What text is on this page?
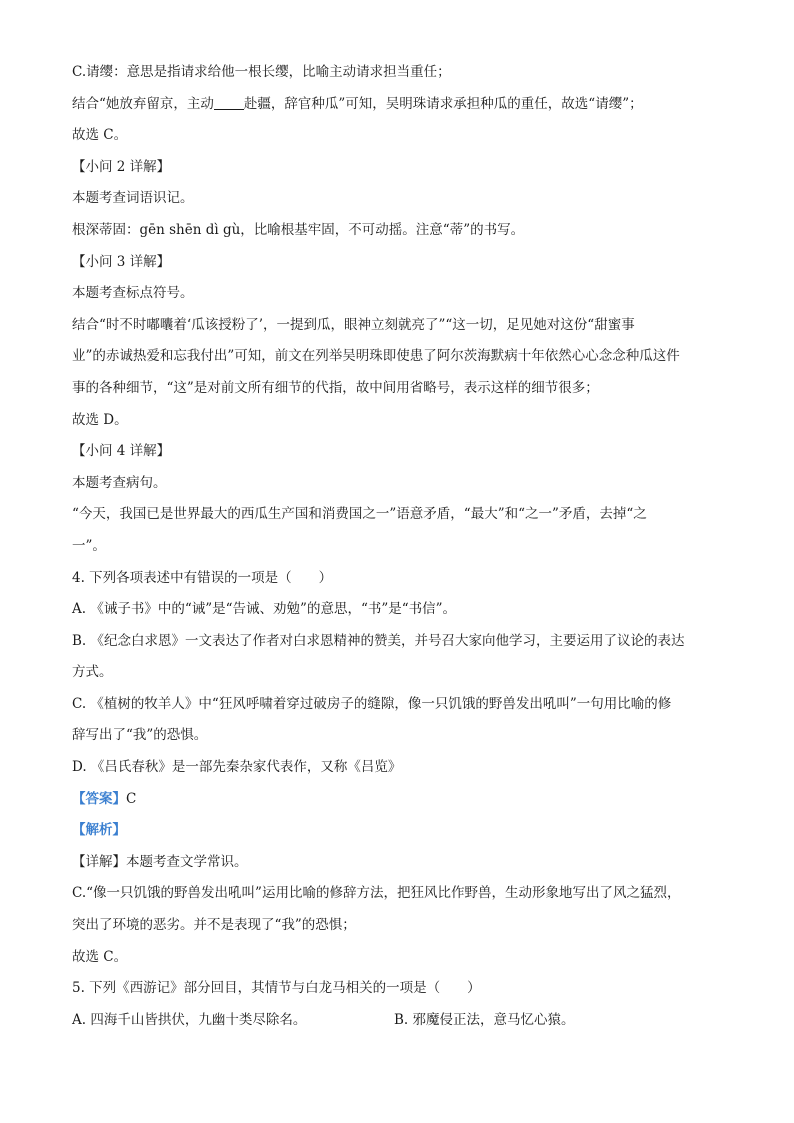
C.请缨：意思是指请求给他一根长缨，比喻主动请求担当重任；
结合“她放弃留京，主动 赴疆，辞官种瓜”可知，吴明珠请求承担种瓜的重任，故选“请缨”；
故选 C。
【小问 2 详解】
本题考查词语识记。
根深蒂固：gēn shēn dì gù，比喻根基牢固，不可动摇。注意“蒂”的书写。
【小问 3 详解】
本题考查标点符号。
结合“时不时嘟囔着‘瓜该授粉了’，一提到瓜，眼神立刻就亮了”“这一切，足见她对这份“甜蜜事
业”的赤诚热爱和忘我付出”可知，前文在列举吴明珠即使患了阿尔茨海默病十年依然心心念念种瓜这件
事的各种细节，“这”是对前文所有细节的代指，故中间用省略号，表示这样的细节很多；
故选 D。
【小问 4 详解】
本题考查病句。
“今天，我国已是世界最大的西瓜生产国和消费国之一”语意矛盾，“最大”和“之一”矛盾，去掉“之
一”。
4. 下列各项表述中有错误的一项是（　　）
A. 《诫子书》中的“诫”是“告诫、劝勉”的意思，“书”是“书信”。
B. 《纪念白求恩》一文表达了作者对白求恩精神的赞美，并号召大家向他学习，主要运用了议论的表达
方式。
C. 《植树的牧羊人》中“狂风呼啸着穿过破房子的缝隙，像一只饥饿的野兽发出吼叫”一句用比喻的修
辞写出了“我”的恐惧。
D. 《吕氏春秋》是一部先秦杂家代表作，又称《吕览》
【答案】C
【解析】
【详解】本题考查文学常识。
C.“像一只饥饿的野兽发出吼叫”运用比喻的修辞方法，把狂风比作野兽，生动形象地写出了风之猛烈，
突出了环境的恶劣。并不是表现了“我”的恐惧；
故选 C。
5. 下列《西游记》部分回目，其情节与白龙马相关的一项是（　　）
A. 四海千山皆拱伏，九幽十类尽除名。	B. 邪魔侵正法，意马忆心猿。
